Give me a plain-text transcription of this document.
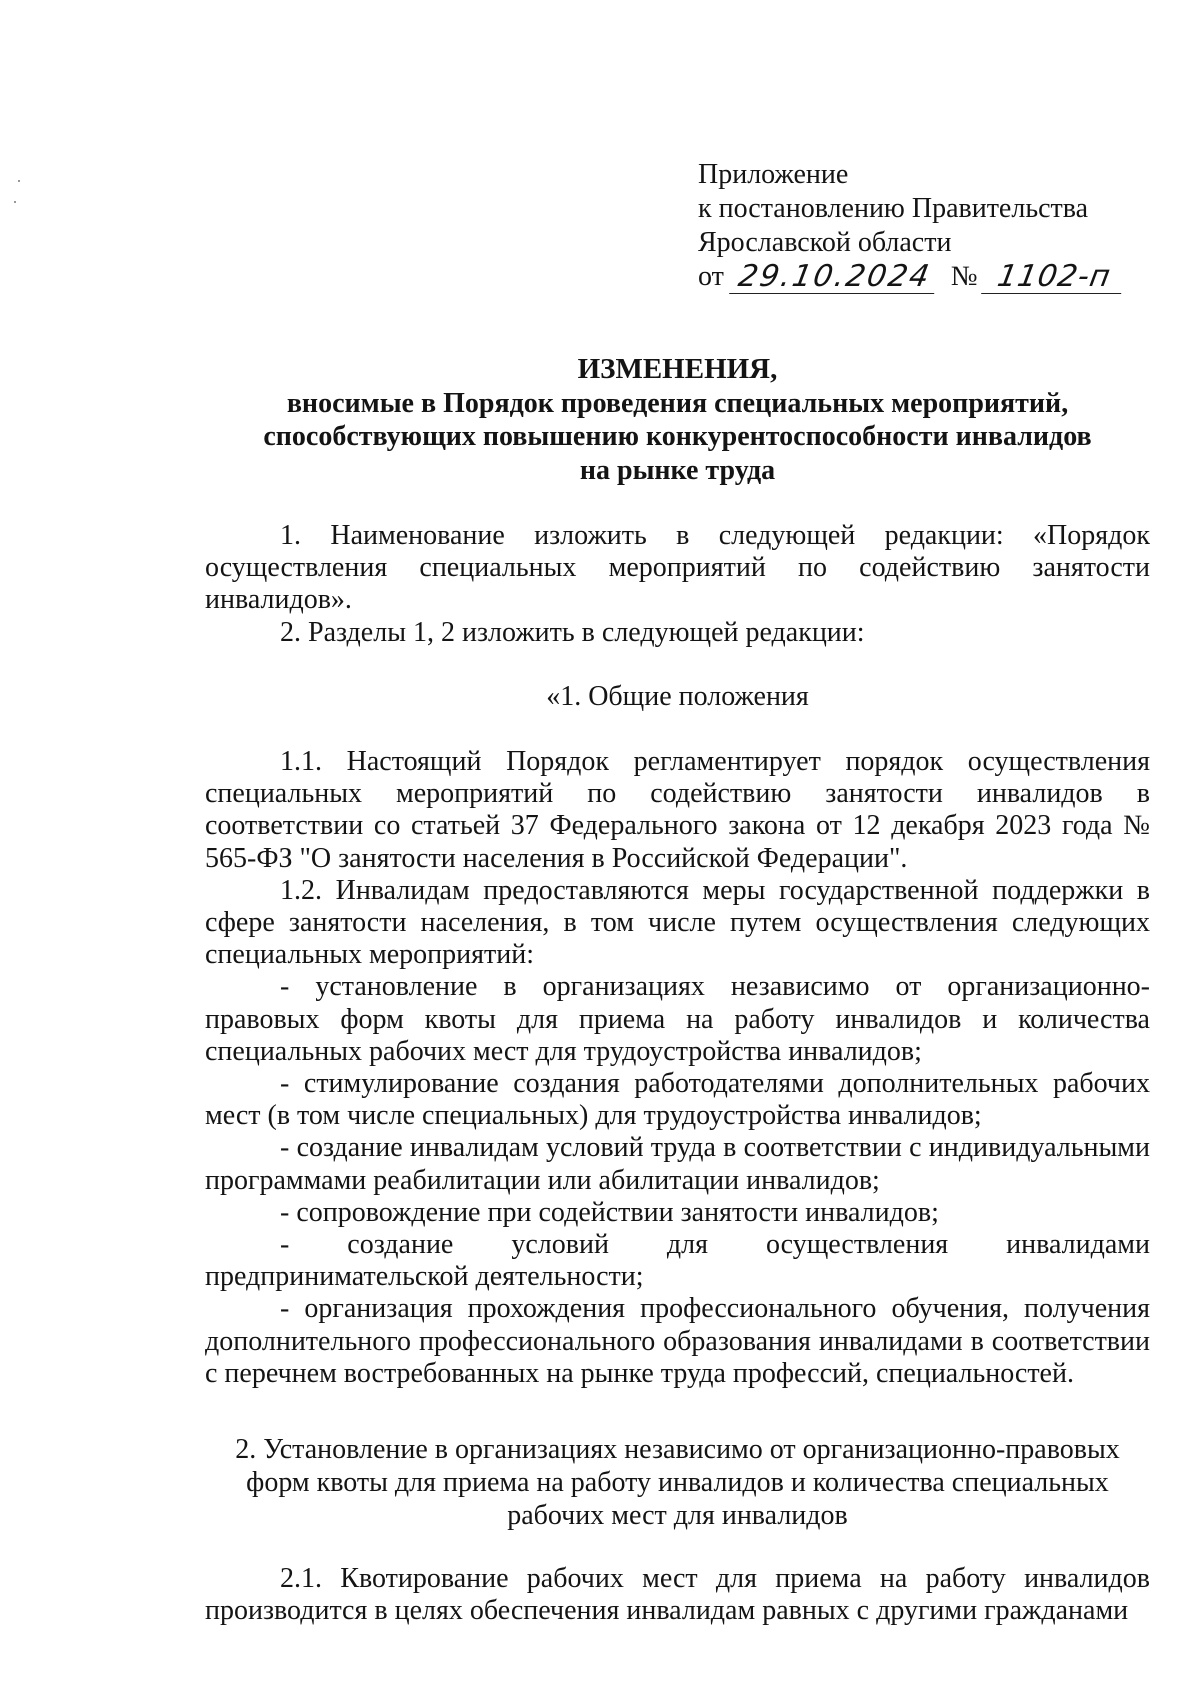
Приложение
к постановлению Правительства
Ярославской области
от 29.10.2024 № 1102-п
ИЗМЕНЕНИЯ,
вносимые в Порядок проведения специальных мероприятий,
способствующих повышению конкурентоспособности инвалидов
на рынке труда

1. Наименование изложить в следующей редакции: «Порядок осуществления специальных мероприятий по содействию занятости инвалидов».

2. Разделы 1, 2 изложить в следующей редакции:

«1. Общие положения

1.1. Настоящий Порядок регламентирует порядок осуществления специальных мероприятий по содействию занятости инвалидов в соответствии со статьей 37 Федерального закона от 12 декабря 2023 года № 565-ФЗ "О занятости населения в Российской Федерации".

1.2. Инвалидам предоставляются меры государственной поддержки в сфере занятости населения, в том числе путем осуществления следующих специальных мероприятий:

- установление в организациях независимо от организационно-правовых форм квоты для приема на работу инвалидов и количества специальных рабочих мест для трудоустройства инвалидов;

- стимулирование создания работодателями дополнительных рабочих мест (в том числе специальных) для трудоустройства инвалидов;

- создание инвалидам условий труда в соответствии с индивидуальными программами реабилитации или абилитации инвалидов;

- сопровождение при содействии занятости инвалидов;

- создание условий для осуществления инвалидами предпринимательской деятельности;

- организация прохождения профессионального обучения, получения дополнительного профессионального образования инвалидами в соответствии с перечнем востребованных на рынке труда профессий, специальностей.

2. Установление в организациях независимо от организационно-правовых
форм квоты для приема на работу инвалидов и количества специальных
рабочих мест для инвалидов

2.1. Квотирование рабочих мест для приема на работу инвалидов производится в целях обеспечения инвалидам равных с другими гражданами
